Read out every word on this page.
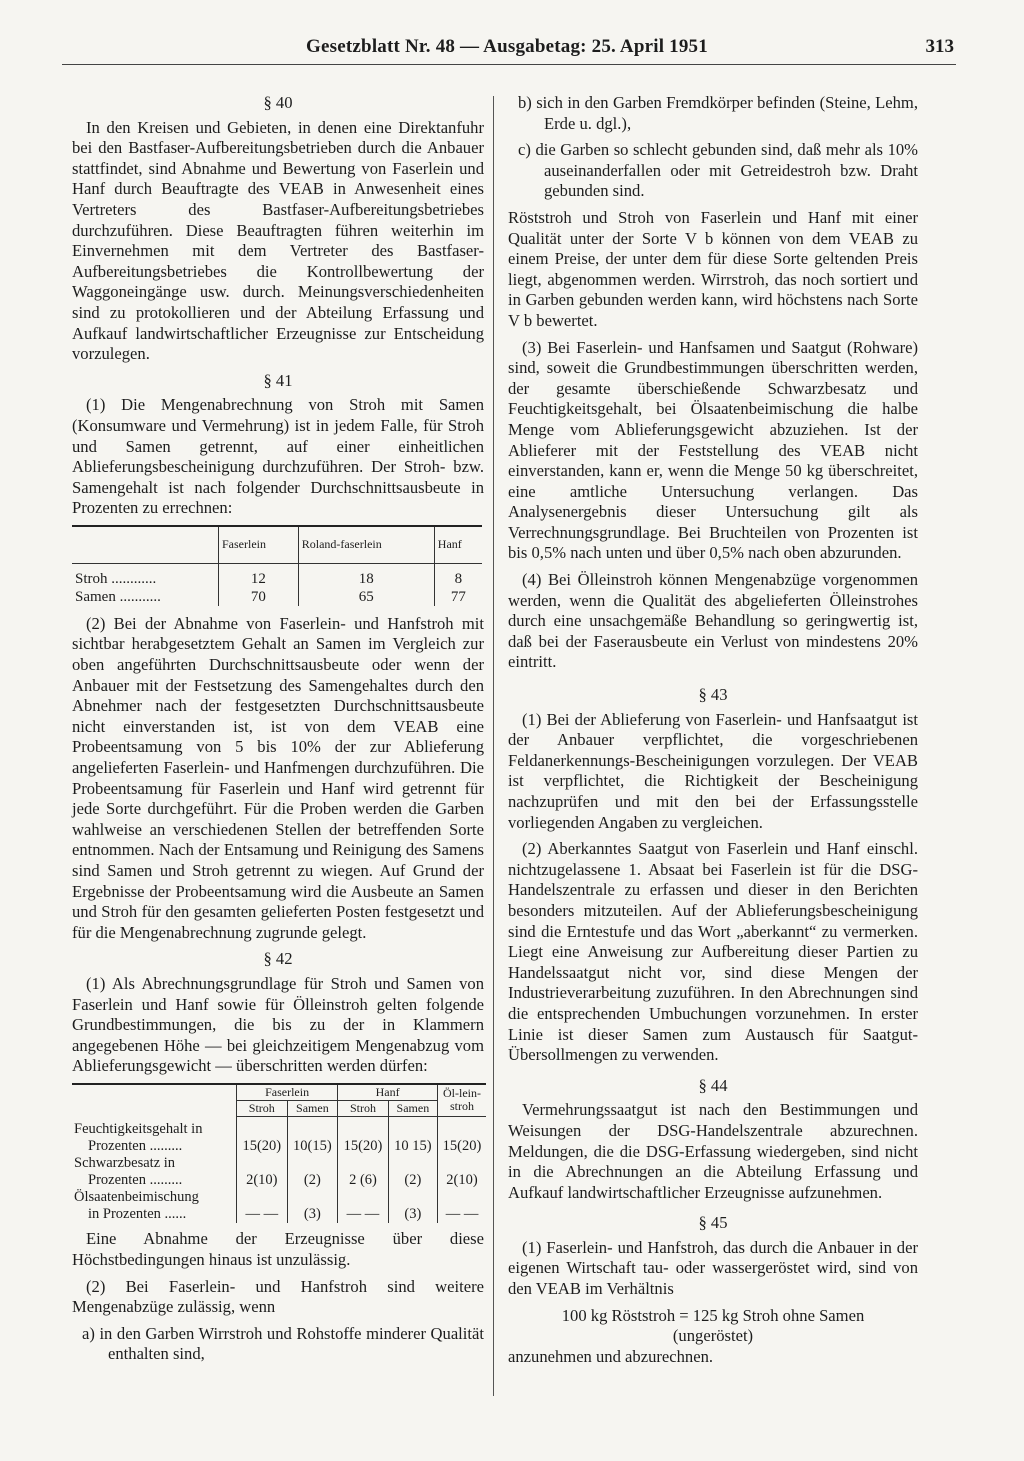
Gesetzblatt Nr. 48 — Ausgabetag: 25. April 1951	313

§ 40

In den Kreisen und Gebieten, in denen eine Direktanfuhr bei den Bastfaser-Aufbereitungsbetrieben durch die Anbauer stattfindet, sind Abnahme und Bewertung von Faserlein und Hanf durch Beauftragte des VEAB in Anwesenheit eines Vertreters des Bastfaser-Aufbereitungsbetriebes durchzuführen. Diese Beauftragten führen weiterhin im Einvernehmen mit dem Vertreter des Bastfaser-Aufbereitungsbetriebes die Kontrollbewertung der Waggoneingänge usw. durch. Meinungsverschiedenheiten sind zu protokollieren und der Abteilung Erfassung und Aufkauf landwirtschaftlicher Erzeugnisse zur Entscheidung vorzulegen.

§ 41

(1) Die Mengenabrechnung von Stroh mit Samen (Konsumware und Vermehrung) ist in jedem Falle, für Stroh und Samen getrennt, auf einer einheitlichen Ablieferungsbescheinigung durchzuführen. Der Stroh- bzw. Samengehalt ist nach folgender Durchschnittsausbeute in Prozenten zu errechnen:

	Faserlein	Roland-faserlein	Hanf
Stroh ............	12	18	8
Samen ...........	70	65	77

(2) Bei der Abnahme von Faserlein- und Hanfstroh mit sichtbar herabgesetztem Gehalt an Samen im Vergleich zur oben angeführten Durchschnittsausbeute oder wenn der Anbauer mit der Festsetzung des Samengehaltes durch den Abnehmer nach der festgesetzten Durchschnittsausbeute nicht einverstanden ist, ist von dem VEAB eine Probeentsamung von 5 bis 10% der zur Ablieferung angelieferten Faserlein- und Hanfmengen durchzuführen. Die Probeentsamung für Faserlein und Hanf wird getrennt für jede Sorte durchgeführt. Für die Proben werden die Garben wahlweise an verschiedenen Stellen der betreffenden Sorte entnommen. Nach der Entsamung und Reinigung des Samens sind Samen und Stroh getrennt zu wiegen. Auf Grund der Ergebnisse der Probeentsamung wird die Ausbeute an Samen und Stroh für den gesamten gelieferten Posten festgesetzt und für die Mengenabrechnung zugrunde gelegt.

§ 42

(1) Als Abrechnungsgrundlage für Stroh und Samen von Faserlein und Hanf sowie für Ölleinstroh gelten folgende Grundbestimmungen, die bis zu der in Klammern angegebenen Höhe — bei gleichzeitigem Mengenabzug vom Ablieferungsgewicht — überschritten werden dürfen:

	Faserlein		Hanf		Öl-lein-stroh
	Stroh	Samen	Stroh	Samen	
Feuchtigkeitsgehalt in
Prozenten .........	15(20)	10(15)	15(20)	10 15)	15(20)
Schwarzbesatz in
Prozenten .........	2(10)	(2)	2 (6)	(2)	2(10)
Ölsaatenbeimischung
in Prozenten ......	— —	(3)	— —	(3)	— —

Eine Abnahme der Erzeugnisse über diese Höchstbedingungen hinaus ist unzulässig.

(2) Bei Faserlein- und Hanfstroh sind weitere Mengenabzüge zulässig, wenn

a) in den Garben Wirrstroh und Rohstoffe minderer Qualität enthalten sind,

b) sich in den Garben Fremdkörper befinden (Steine, Lehm, Erde u. dgl.),

c) die Garben so schlecht gebunden sind, daß mehr als 10% auseinanderfallen oder mit Getreidestroh bzw. Draht gebunden sind.

Röststroh und Stroh von Faserlein und Hanf mit einer Qualität unter der Sorte V b können von dem VEAB zu einem Preise, der unter dem für diese Sorte geltenden Preis liegt, abgenommen werden. Wirrstroh, das noch sortiert und in Garben gebunden werden kann, wird höchstens nach Sorte V b bewertet.

(3) Bei Faserlein- und Hanfsamen und Saatgut (Rohware) sind, soweit die Grundbestimmungen überschritten werden, der gesamte überschießende Schwarzbesatz und Feuchtigkeitsgehalt, bei Ölsaatenbeimischung die halbe Menge vom Ablieferungsgewicht abzuziehen. Ist der Ablieferer mit der Feststellung des VEAB nicht einverstanden, kann er, wenn die Menge 50 kg überschreitet, eine amtliche Untersuchung verlangen. Das Analysenergebnis dieser Untersuchung gilt als Verrechnungsgrundlage. Bei Bruchteilen von Prozenten ist bis 0,5% nach unten und über 0,5% nach oben abzurunden.

(4) Bei Ölleinstroh können Mengenabzüge vorgenommen werden, wenn die Qualität des abgelieferten Ölleinstrohes durch eine unsachgemäße Behandlung so geringwertig ist, daß bei der Faserausbeute ein Verlust von mindestens 20% eintritt.

§ 43

(1) Bei der Ablieferung von Faserlein- und Hanfsaatgut ist der Anbauer verpflichtet, die vorgeschriebenen Feldanerkennungs-Bescheinigungen vorzulegen. Der VEAB ist verpflichtet, die Richtigkeit der Bescheinigung nachzuprüfen und mit den bei der Erfassungsstelle vorliegenden Angaben zu vergleichen.

(2) Aberkanntes Saatgut von Faserlein und Hanf einschl. nichtzugelassene 1. Absaat bei Faserlein ist für die DSG-Handelszentrale zu erfassen und dieser in den Berichten besonders mitzuteilen. Auf der Ablieferungsbescheinigung sind die Erntestufe und das Wort „aberkannt“ zu vermerken. Liegt eine Anweisung zur Aufbereitung dieser Partien zu Handelssaatgut nicht vor, sind diese Mengen der Industrieverarbeitung zuzuführen. In den Abrechnungen sind die entsprechenden Umbuchungen vorzunehmen. In erster Linie ist dieser Samen zum Austausch für Saatgut-Übersollmengen zu verwenden.

§ 44

Vermehrungssaatgut ist nach den Bestimmungen und Weisungen der DSG-Handelszentrale abzurechnen. Meldungen, die die DSG-Erfassung wiedergeben, sind nicht in die Abrechnungen an die Abteilung Erfassung und Aufkauf landwirtschaftlicher Erzeugnisse aufzunehmen.

§ 45

(1) Faserlein- und Hanfstroh, das durch die Anbauer in der eigenen Wirtschaft tau- oder wassergeröstet wird, sind von den VEAB im Verhältnis

100 kg Röststroh = 125 kg Stroh ohne Samen

(ungeröstet)

anzunehmen und abzurechnen.
